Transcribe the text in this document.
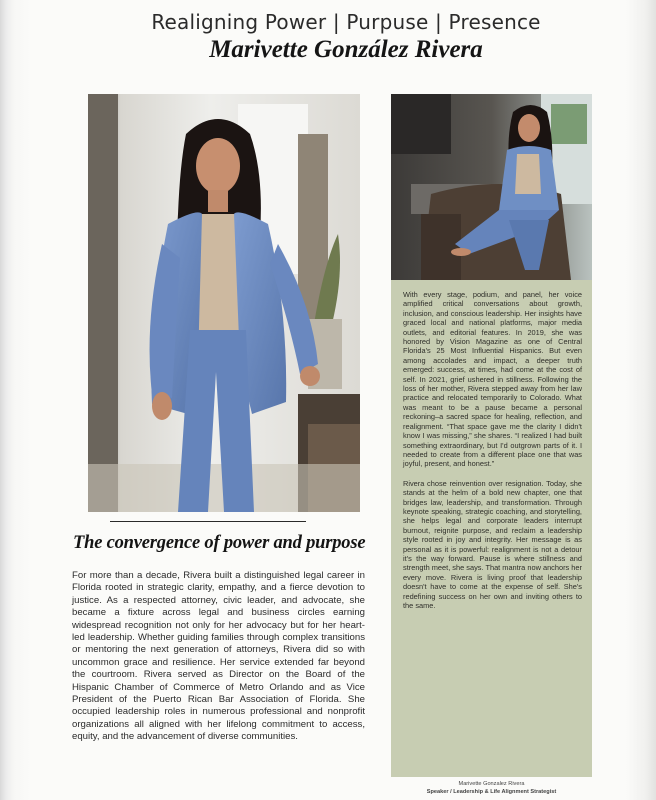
Realigning Power | Purpuse | Presence
Marivette González Rivera
The convergence of power and purpose

For more than a decade, Rivera built a distinguished legal career in Florida rooted in strategic clarity, empathy, and a fierce devotion to justice. As a respected attorney, civic leader, and advocate, she became a fixture across legal and business circles earning widespread recognition not only for her advocacy but for her heart-led leadership. Whether guiding families through complex transitions or mentoring the next generation of attorneys, Rivera did so with uncommon grace and resilience. Her service extended far beyond the courtroom. Rivera served as Director on the Board of the Hispanic Chamber of Commerce of Metro Orlando and as Vice President of the Puerto Rican Bar Association of Florida. She occupied leadership roles in numerous professional and nonprofit organizations all aligned with her lifelong commitment to access, equity, and the advancement of diverse communities.

With every stage, podium, and panel, her voice amplified critical conversations about growth, inclusion, and conscious leadership. Her insights have graced local and national platforms, major media outlets, and editorial features. In 2019, she was honored by Vision Magazine as one of Central Florida's 25 Most Influential Hispanics. But even among accolades and impact, a deeper truth emerged: success, at times, had come at the cost of self. In 2021, grief ushered in stillness. Following the loss of her mother, Rivera stepped away from her law practice and relocated temporarily to Colorado. What was meant to be a pause became a personal reckoning–a sacred space for healing, reflection, and realignment. “That space gave me the clarity I didn't know I was missing,” she shares. “I realized I had built something extraordinary, but I'd outgrown parts of it. I needed to create from a different place one that was joyful, present, and honest.”

Rivera chose reinvention over resignation. Today, she stands at the helm of a bold new chapter, one that bridges law, leadership, and transformation. Through keynote speaking, strategic coaching, and storytelling, she helps legal and corporate leaders interrupt burnout, reignite purpose, and reclaim a leadership style rooted in joy and integrity. Her message is as personal as it is powerful: realignment is not a detour it's the way forward. Pause is where stillness and strength meet, she says. That mantra now anchors her every move. Rivera is living proof that leadership doesn't have to come at the expense of self. She's redefining success on her own and inviting others to the same.

Marivette Gonzalez Rivera
Speaker / Leadership & Life Alignment Strategist
